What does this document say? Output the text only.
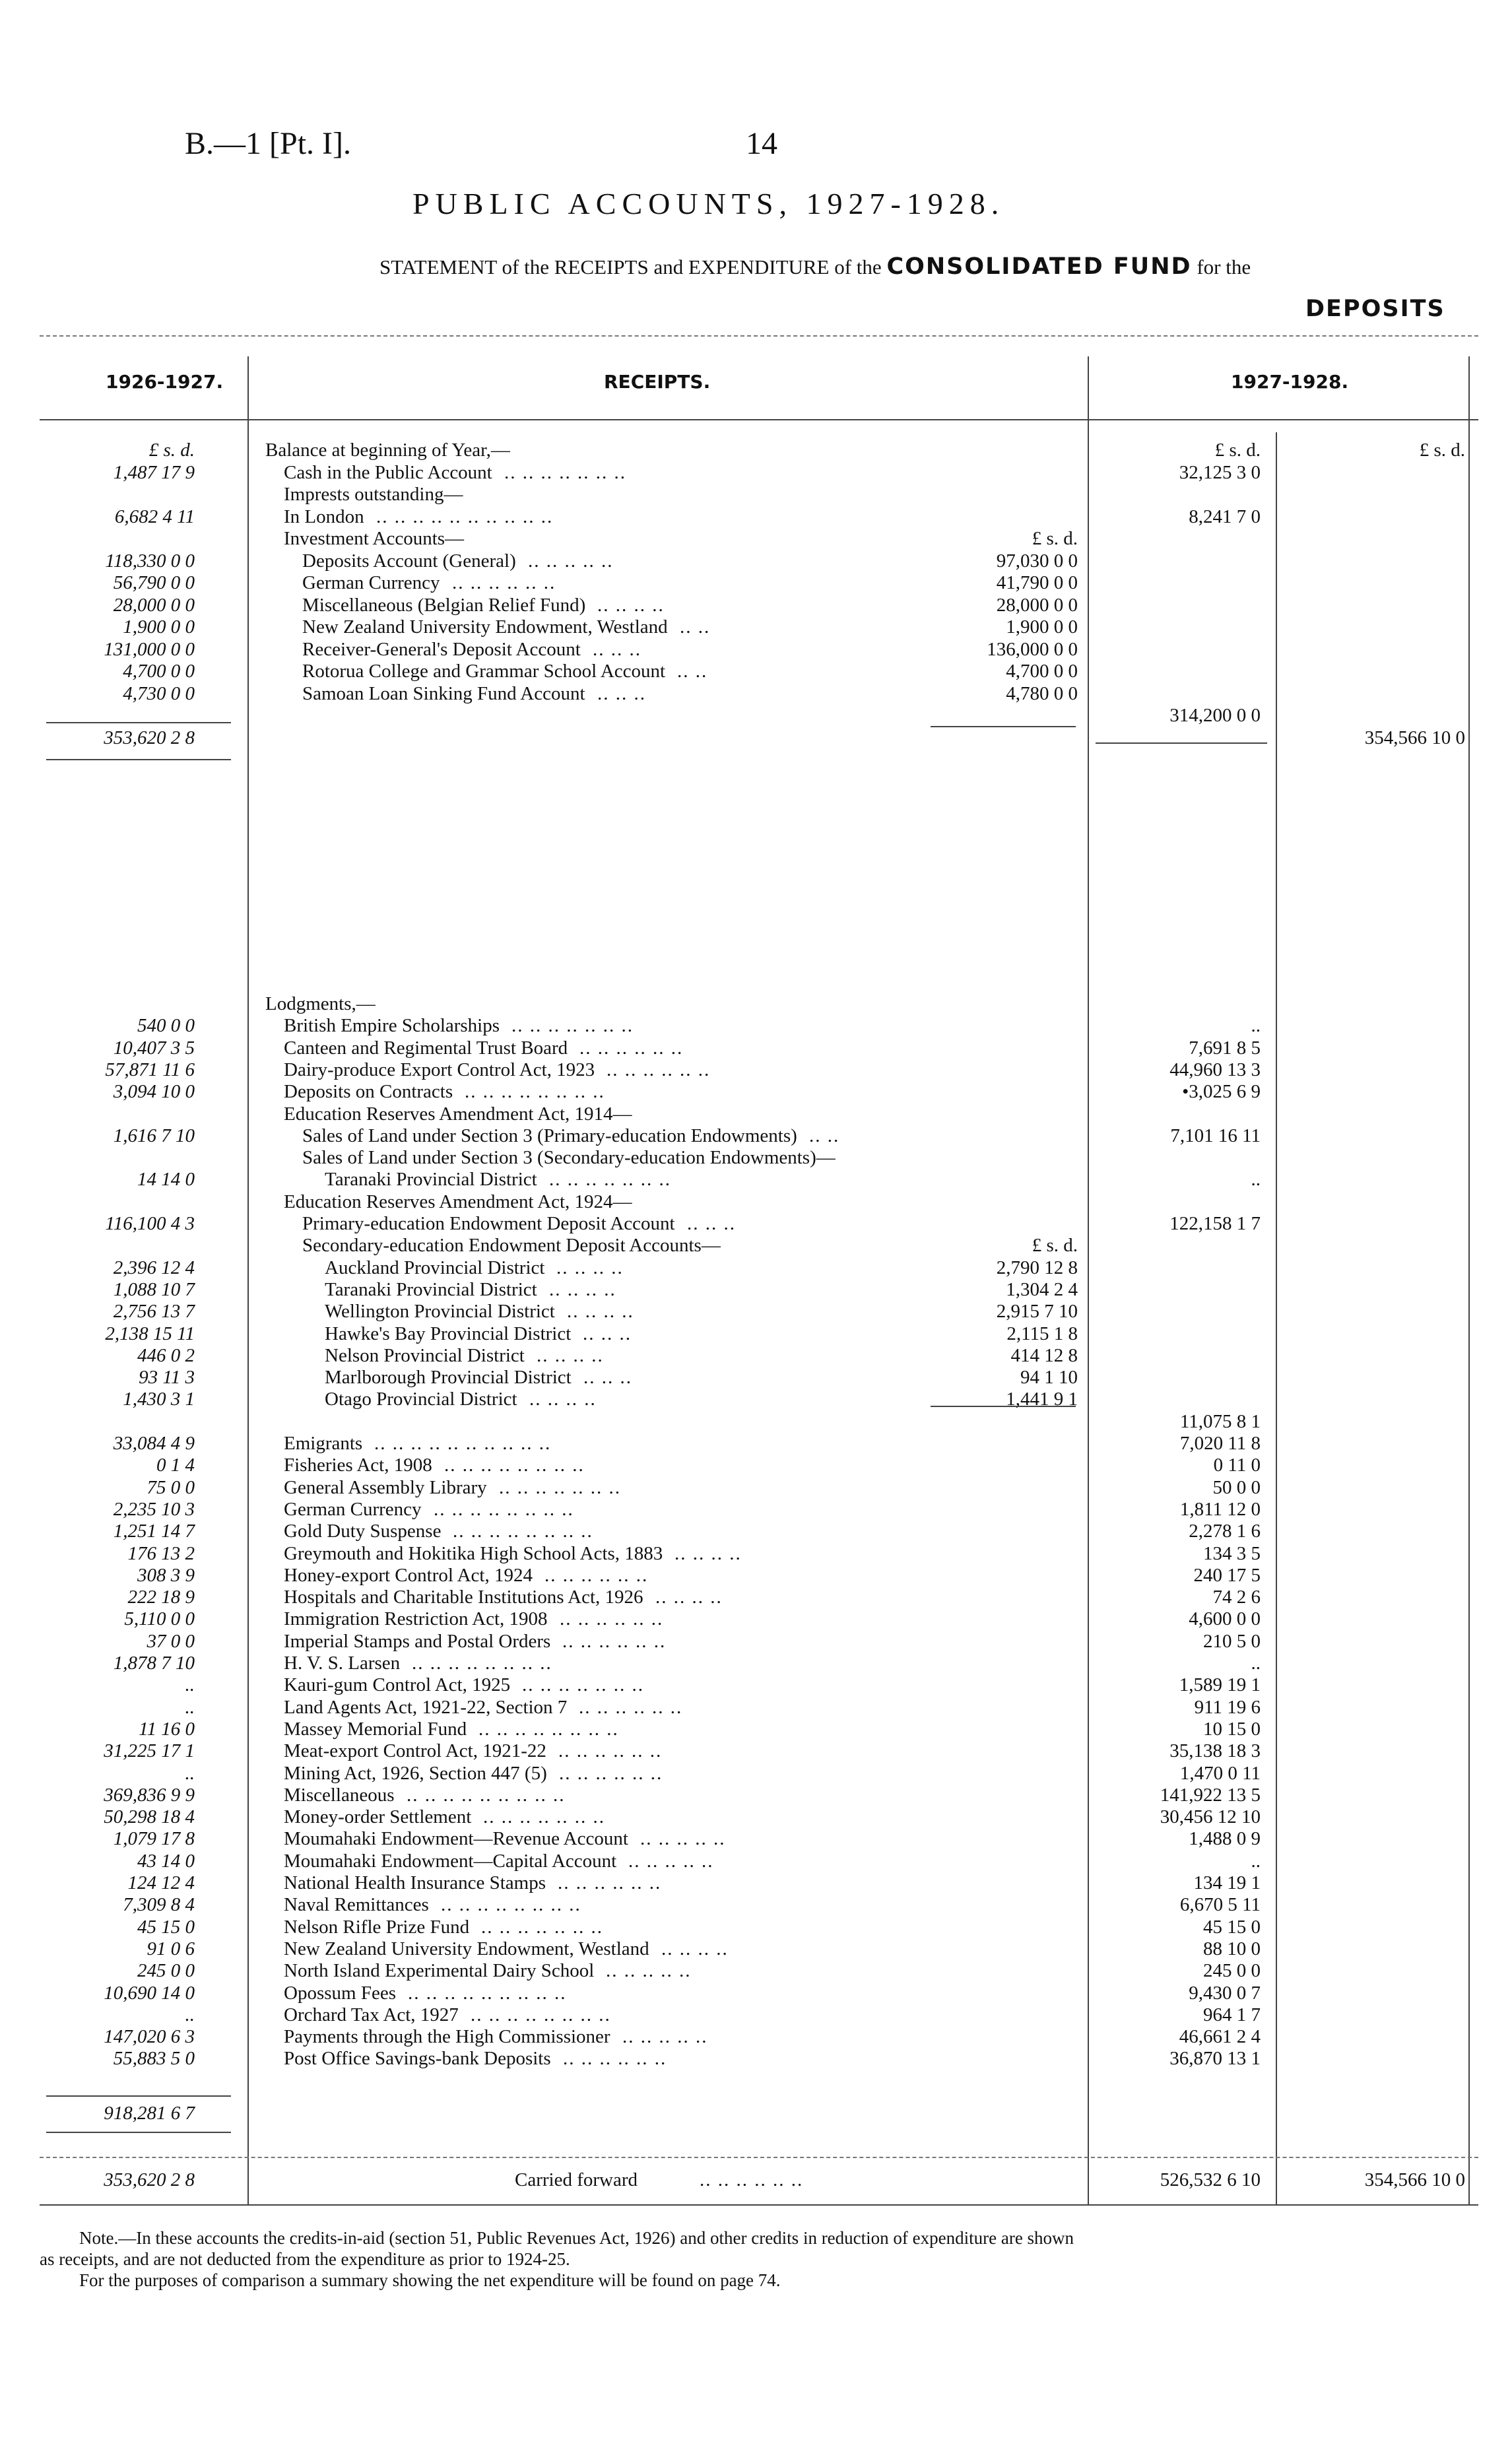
B.—1 [Pt. I].	14
PUBLIC ACCOUNTS, 1927-1928.
STATEMENT of the RECEIPTS and EXPENDITURE of the CONSOLIDATED FUND for the
DEPOSITS
1926-1927.	RECEIPTS.	1927-1928.
£ s. d.	Balance at beginning of Year,—	£ s. d.	£ s. d.
1,487 17 9	Cash in the Public Account	32,125 3 0
.. .. .. .. .. .. ..
Imprests outstanding—
6,682 4 11	In London	8,241 7 0
.. .. .. .. .. .. .. .. .. ..
Investment Accounts—	£ s. d.
118,330 0 0	Deposits Account (General)	97,030 0 0
.. .. .. .. ..
56,790 0 0	German Currency	41,790 0 0
.. .. .. .. .. ..
28,000 0 0	Miscellaneous (Belgian Relief Fund)	28,000 0 0
.. .. .. ..
1,900 0 0	New Zealand University Endowment, Westland	1,900 0 0
.. ..
131,000 0 0	Receiver-General's Deposit Account	136,000 0 0
.. .. ..
4,700 0 0	Rotorua College and Grammar School Account	4,700 0 0
.. ..
4,730 0 0	Samoan Loan Sinking Fund Account	4,780 0 0
.. .. ..
314,200 0 0
353,620 2 8	354,566 10 0
Lodgments,—
540 0 0	British Empire Scholarships	..
.. .. .. .. .. .. ..
10,407 3 5	Canteen and Regimental Trust Board	7,691 8 5
.. .. .. .. .. ..
57,871 11 6	Dairy-produce Export Control Act, 1923	44,960 13 3
.. .. .. .. .. ..
3,094 10 0	Deposits on Contracts	•3,025 6 9
.. .. .. .. .. .. .. ..
Education Reserves Amendment Act, 1914—
1,616 7 10	Sales of Land under Section 3 (Primary-education Endowments)	7,101 16 11
.. ..
Sales of Land under Section 3 (Secondary-education Endowments)—
14 14 0	Taranaki Provincial District	..
.. .. .. .. .. .. ..
Education Reserves Amendment Act, 1924—
116,100 4 3	Primary-education Endowment Deposit Account	122,158 1 7
.. .. ..
Secondary-education Endowment Deposit Accounts—	£ s. d.
2,396 12 4	Auckland Provincial District	2,790 12 8
.. .. .. ..
1,088 10 7	Taranaki Provincial District	1,304 2 4
.. .. .. ..
2,756 13 7	Wellington Provincial District	2,915 7 10
.. .. .. ..
2,138 15 11	Hawke's Bay Provincial District	2,115 1 8
.. .. ..
446 0 2	Nelson Provincial District	414 12 8
.. .. .. ..
93 11 3	Marlborough Provincial District	94 1 10
.. .. ..
1,430 3 1	Otago Provincial District	1,441 9 1
.. .. .. ..
11,075 8 1
33,084 4 9	Emigrants	7,020 11 8
.. .. .. .. .. .. .. .. .. ..
0 1 4	Fisheries Act, 1908	0 11 0
.. .. .. .. .. .. .. ..
75 0 0	General Assembly Library	50 0 0
.. .. .. .. .. .. ..
2,235 10 3	German Currency	1,811 12 0
.. .. .. .. .. .. .. ..
1,251 14 7	Gold Duty Suspense	2,278 1 6
.. .. .. .. .. .. .. ..
176 13 2	Greymouth and Hokitika High School Acts, 1883	134 3 5
.. .. .. ..
308 3 9	Honey-export Control Act, 1924	240 17 5
.. .. .. .. .. ..
222 18 9	Hospitals and Charitable Institutions Act, 1926	74 2 6
.. .. .. ..
5,110 0 0	Immigration Restriction Act, 1908	4,600 0 0
.. .. .. .. .. ..
37 0 0	Imperial Stamps and Postal Orders	210 5 0
.. .. .. .. .. ..
1,878 7 10	H. V. S. Larsen	..
.. .. .. .. .. .. .. ..
..	Kauri-gum Control Act, 1925	1,589 19 1
.. .. .. .. .. .. ..
..	Land Agents Act, 1921-22, Section 7	911 19 6
.. .. .. .. .. ..
11 16 0	Massey Memorial Fund	10 15 0
.. .. .. .. .. .. .. ..
31,225 17 1	Meat-export Control Act, 1921-22	35,138 18 3
.. .. .. .. .. ..
..	Mining Act, 1926, Section 447 (5)	1,470 0 11
.. .. .. .. .. ..
369,836 9 9	Miscellaneous	141,922 13 5
.. .. .. .. .. .. .. .. ..
50,298 18 4	Money-order Settlement	30,456 12 10
.. .. .. .. .. .. ..
1,079 17 8	Moumahaki Endowment—Revenue Account	1,488 0 9
.. .. .. .. ..
43 14 0	Moumahaki Endowment—Capital Account	..
.. .. .. .. ..
124 12 4	National Health Insurance Stamps	134 19 1
.. .. .. .. .. ..
7,309 8 4	Naval Remittances	6,670 5 11
.. .. .. .. .. .. .. ..
45 15 0	Nelson Rifle Prize Fund	45 15 0
.. .. .. .. .. .. ..
91 0 6	New Zealand University Endowment, Westland	88 10 0
.. .. .. ..
245 0 0	North Island Experimental Dairy School	245 0 0
.. .. .. .. ..
10,690 14 0	Opossum Fees	9,430 0 7
.. .. .. .. .. .. .. .. ..
..	Orchard Tax Act, 1927	964 1 7
.. .. .. .. .. .. .. ..
147,020 6 3	Payments through the High Commissioner	46,661 2 4
.. .. .. .. ..
55,883 5 0	Post Office Savings-bank Deposits	36,870 13 1
.. .. .. .. .. ..
918,281 6 7
353,620 2 8	Carried forward	.. .. .. .. .. ..	526,532 6 10	354,566 10 0
Note.—In these accounts the credits-in-aid (section 51, Public Revenues Act, 1926) and other credits in reduction of expenditure are shown
as receipts, and are not deducted from the expenditure as prior to 1924-25.
For the purposes of comparison a summary showing the net expenditure will be found on page 74.
